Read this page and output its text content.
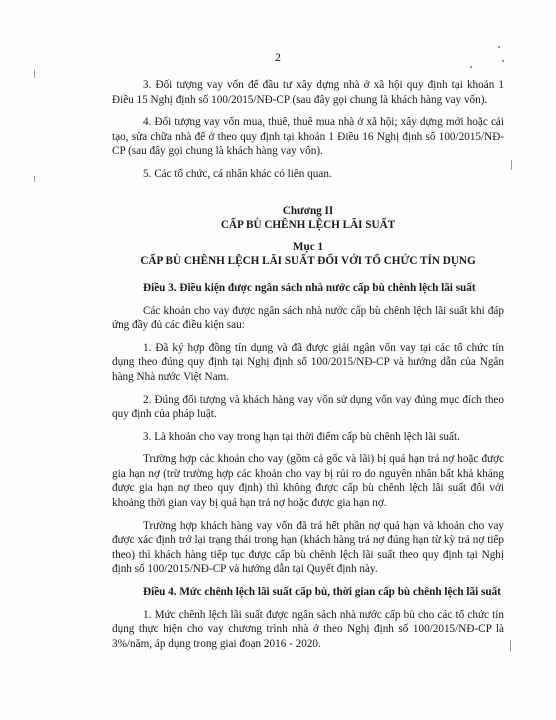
2

3. Đối tượng vay vốn để đầu tư xây dựng nhà ở xã hội quy định tại khoản 1 Điều 15 Nghị định số 100/2015/NĐ-CP (sau đây gọi chung là khách hàng vay vốn).

4. Đối tượng vay vốn mua, thuê, thuê mua nhà ở xã hội; xây dựng mới hoặc cải tạo, sửa chữa nhà để ở theo quy định tại khoản 1 Điều 16 Nghị định số 100/2015/NĐ-CP (sau đây gọi chung là khách hàng vay vốn).

5. Các tổ chức, cá nhân khác có liên quan.

Chương II

CẤP BÙ CHÊNH LỆCH LÃI SUẤT

Mục 1

CẤP BÙ CHÊNH LỆCH LÃI SUẤT ĐỐI VỚI TỔ CHỨC TÍN DỤNG

Điều 3. Điều kiện được ngân sách nhà nước cấp bù chênh lệch lãi suất

Các khoản cho vay được ngân sách nhà nước cấp bù chênh lệch lãi suất khi đáp ứng đầy đủ các điều kiện sau:

1. Đã ký hợp đồng tín dụng và đã được giải ngân vốn vay tại các tổ chức tín dụng theo đúng quy định tại Nghị định số 100/2015/NĐ-CP và hướng dẫn của Ngân hàng Nhà nước Việt Nam.

2. Đúng đối tượng và khách hàng vay vốn sử dụng vốn vay đúng mục đích theo quy định của pháp luật.

3. Là khoản cho vay trong hạn tại thời điểm cấp bù chênh lệch lãi suất.

Trường hợp các khoản cho vay (gồm cả gốc và lãi) bị quá hạn trả nợ hoặc được gia hạn nợ (trừ trường hợp các khoản cho vay bị rủi ro do nguyên nhân bất khả kháng được gia hạn nợ theo quy định) thì không được cấp bù chênh lệch lãi suất đối với khoảng thời gian vay bị quá hạn trả nợ hoặc được gia hạn nợ.

Trường hợp khách hàng vay vốn đã trả hết phần nợ quá hạn và khoản cho vay được xác định trở lại trạng thái trong hạn (khách hàng trả nợ đúng hạn từ kỳ trả nợ tiếp theo) thì khách hàng tiếp tục được cấp bù chênh lệch lãi suất theo quy định tại Nghị định số 100/2015/NĐ-CP và hướng dẫn tại Quyết định này.

Điều 4. Mức chênh lệch lãi suất cấp bù, thời gian cấp bù chênh lệch lãi suất

1. Mức chênh lệch lãi suất được ngân sách nhà nước cấp bù cho các tổ chức tín dụng thực hiện cho vay chương trình nhà ở theo Nghị định số 100/2015/NĐ-CP là 3%/năm, áp dụng trong giai đoạn 2016 - 2020.
